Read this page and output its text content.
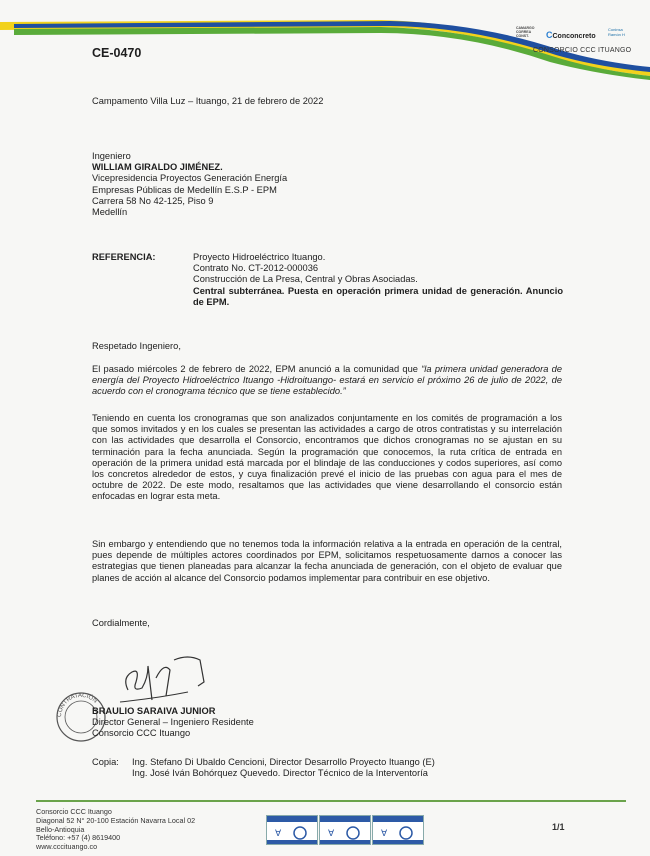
CE-0470
CAMARGO
CORREA
CONST.	CConconcreto
Coninsa
Ramón H
CONSORCIO CCC ITUANGO
Campamento Villa Luz – Ituango, 21 de febrero de 2022
Ingeniero
WILLIAM GIRALDO JIMÉNEZ.
Vicepresidencia Proyectos Generación Energía
Empresas Públicas de Medellín E.S.P - EPM
Carrera 58 No 42-125, Piso 9
Medellín
REFERENCIA:	Proyecto Hidroeléctrico Ituango.
Contrato No. CT-2012-000036
Construcción de La Presa, Central y Obras Asociadas.
Central subterránea. Puesta en operación primera unidad de generación. Anuncio de EPM.
Respetado Ingeniero,
El pasado miércoles 2 de febrero de 2022, EPM anunció a la comunidad que “la primera unidad generadora de energía del Proyecto Hidroeléctrico Ituango -Hidroituango- estará en servicio el próximo 26 de julio de 2022, de acuerdo con el cronograma técnico que se tiene establecido.”
Teniendo en cuenta los cronogramas que son analizados conjuntamente en los comités de programación a los que somos invitados y en los cuales se presentan las actividades a cargo de otros contratistas y su interrelación con las actividades que desarrolla el Consorcio, encontramos que dichos cronogramas no se ajustan en su terminación para la fecha anunciada. Según la programación que conocemos, la ruta crítica de entrada en operación de la primera unidad está marcada por el blindaje de las conducciones y codos superiores, así como los concretos alrededor de estos, y cuya finalización prevé el inicio de las pruebas con agua para el mes de octubre de 2022. De este modo, resaltamos que las actividades que viene desarrollando el consorcio están enfocadas en lograr esta meta.
Sin embargo y entendiendo que no tenemos toda la información relativa a la entrada en operación de la central, pues depende de múltiples actores coordinados por EPM, solicitamos respetuosamente darnos a conocer las estrategias que tienen planeadas para alcanzar la fecha anunciada de generación, con el objeto de evaluar que planes de acción al alcance del Consorcio podamos implementar para contribuir en ese objetivo.
Cordialmente,
CONTRATACIÓN
BRAULIO SARAIVA JUNIOR
Director General – Ingeniero Residente
Consorcio CCC Ituango
Copia: Ing. Stefano Di Ubaldo Cencioni, Director Desarrollo Proyecto Ituango (E)
Ing. José Iván Bohórquez Quevedo. Director Técnico de la Interventoría
Consorcio CCC Ituango
Diagonal 52 N° 20-100 Estación Navarra Local 02
Bello-Antioquia
Teléfono: +57 (4) 8619400
www.cccituango.co
∀	∀	∀
1/1
